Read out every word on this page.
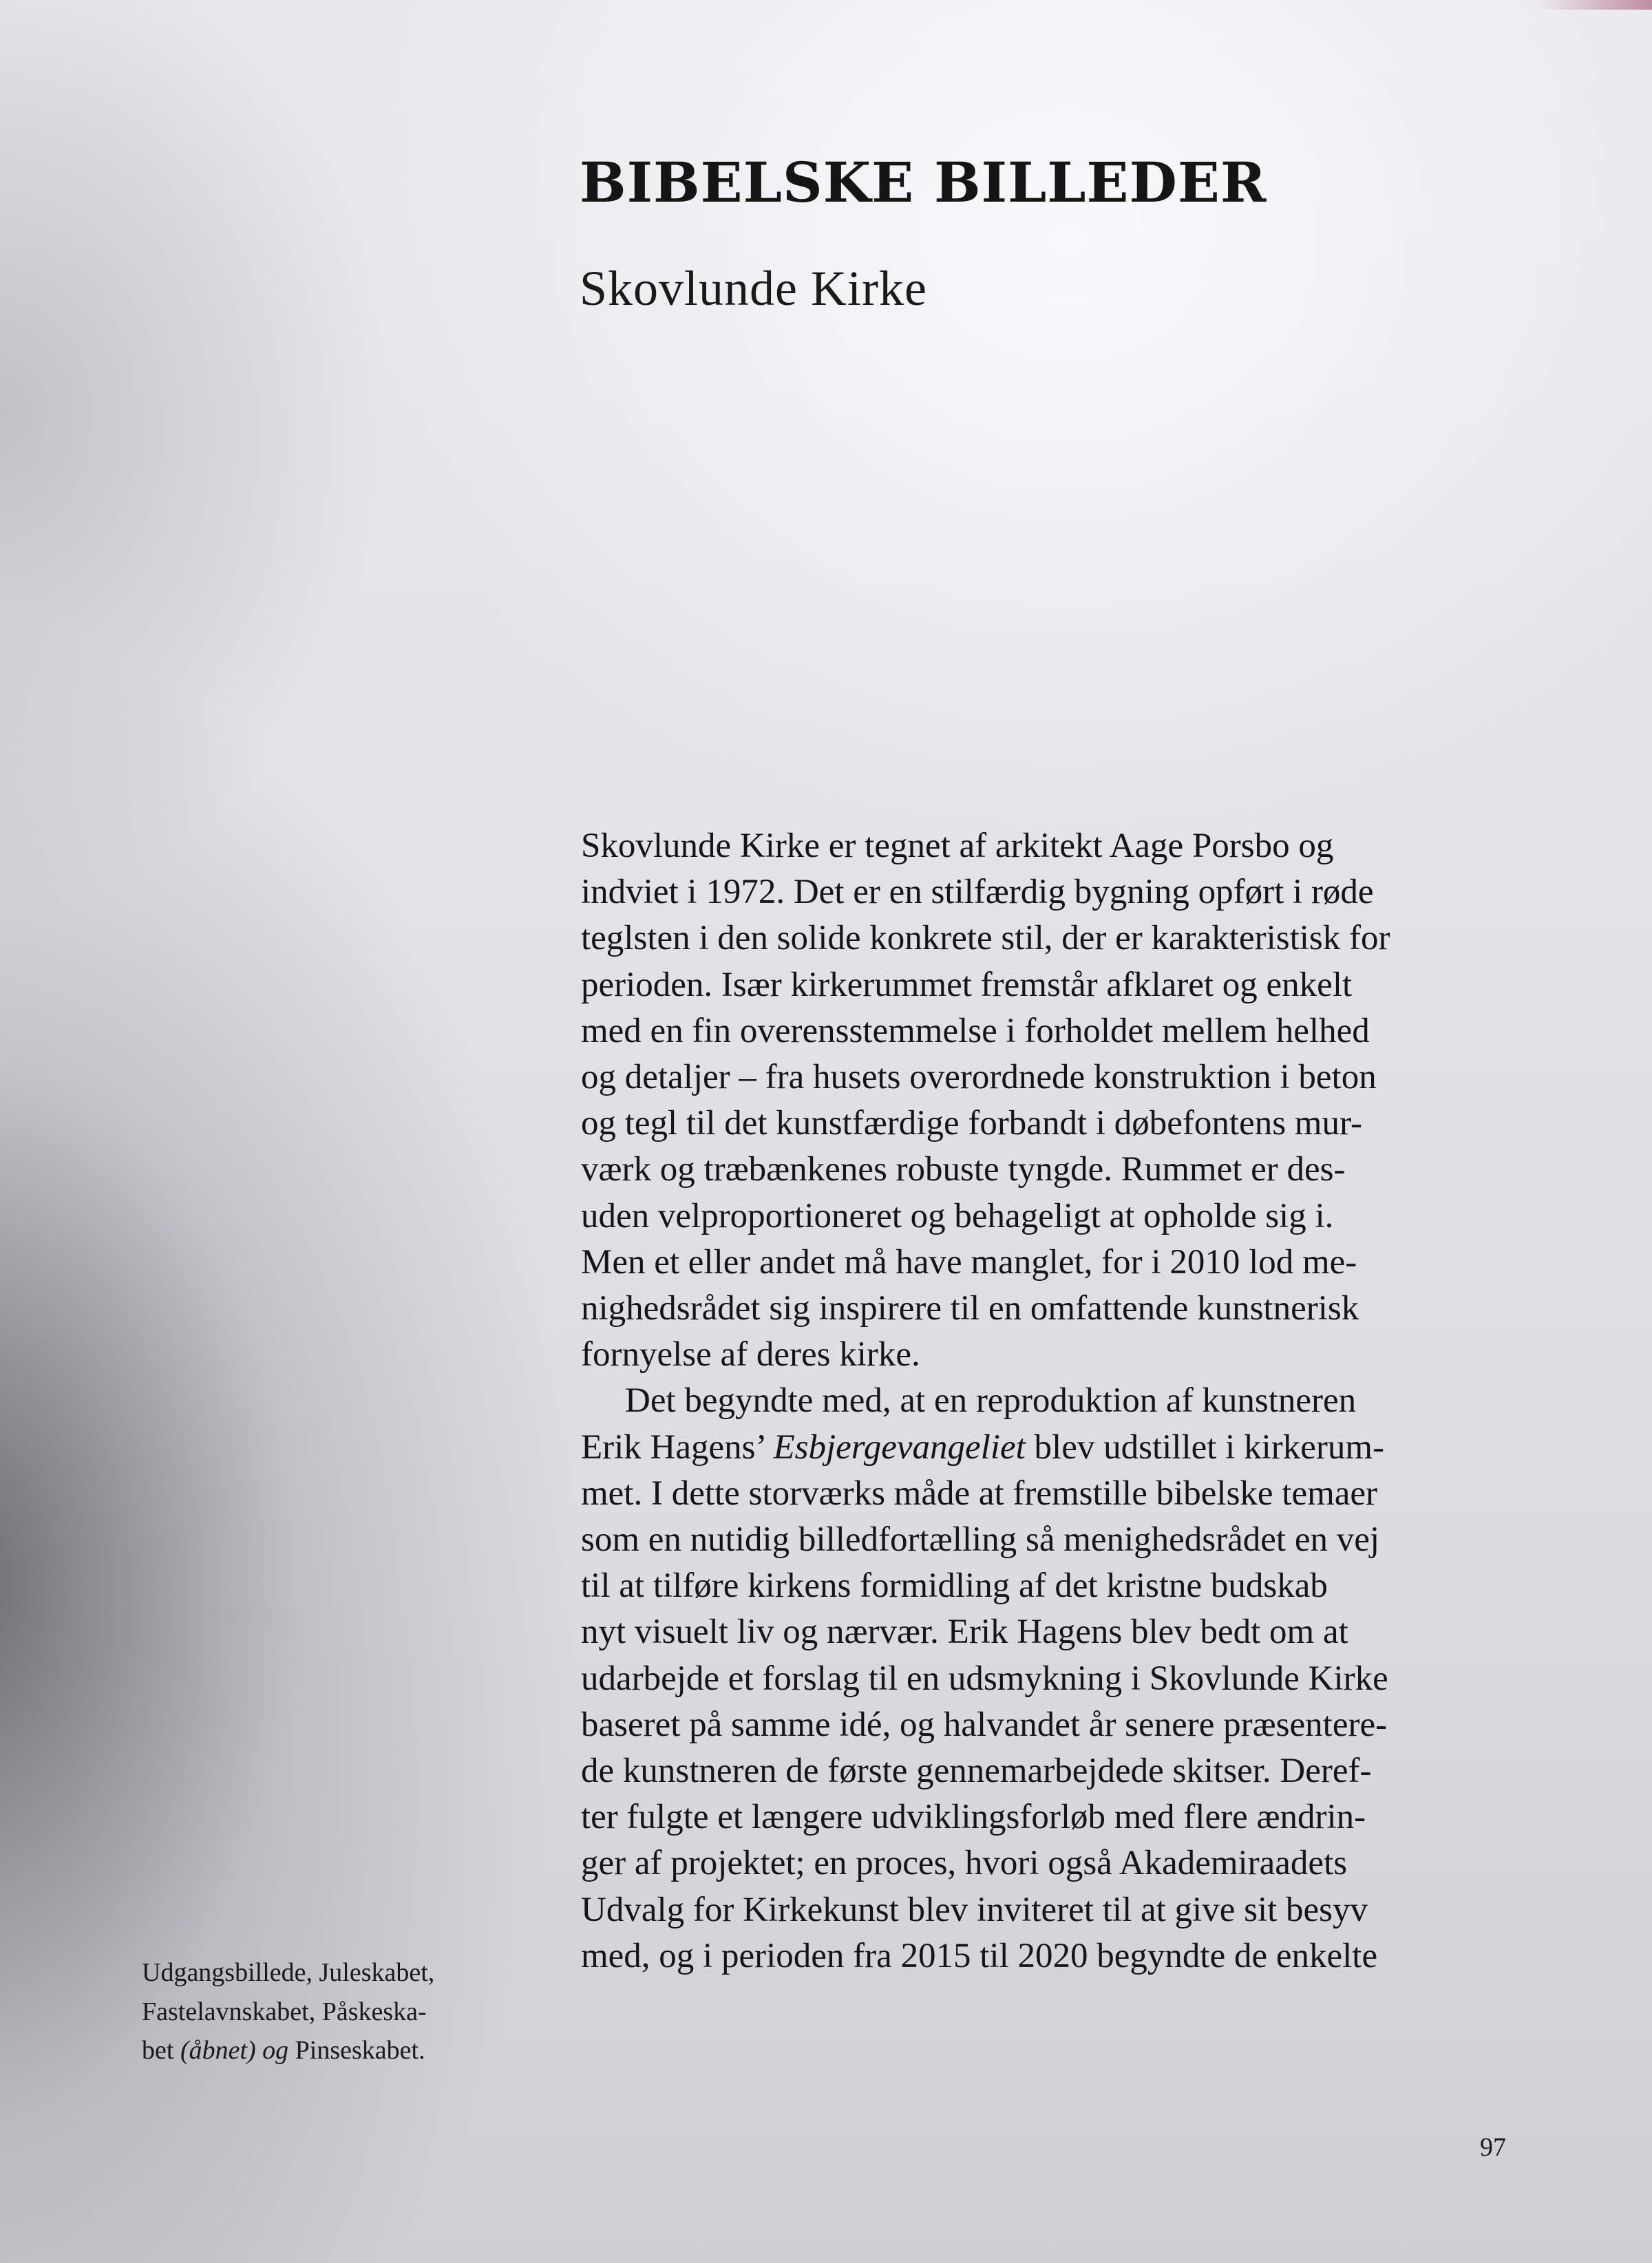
BIBELSKE BILLEDER
Skovlunde Kirke
Skovlunde Kirke er tegnet af arkitekt Aage Porsbo og
indviet i 1972. Det er en stilfærdig bygning opført i røde
teglsten i den solide konkrete stil, der er karakteristisk for
perioden. Især kirkerummet fremstår afklaret og enkelt
med en fin overensstemmelse i forholdet mellem helhed
og detaljer – fra husets overordnede konstruktion i beton
og tegl til det kunstfærdige forbandt i døbefontens mur-
værk og træbænkenes robuste tyngde. Rummet er des-
uden velproportioneret og behageligt at opholde sig i.
Men et eller andet må have manglet, for i 2010 lod me-
nighedsrådet sig inspirere til en omfattende kunstnerisk
fornyelse af deres kirke.
Det begyndte med, at en reproduktion af kunstneren
Erik Hagens’ Esbjergevangeliet blev udstillet i kirkerum-
met. I dette storværks måde at fremstille bibelske temaer
som en nutidig billedfortælling så menighedsrådet en vej
til at tilføre kirkens formidling af det kristne budskab
nyt visuelt liv og nærvær. Erik Hagens blev bedt om at
udarbejde et forslag til en udsmykning i Skovlunde Kirke
baseret på samme idé, og halvandet år senere præsentere-
de kunstneren de første gennemarbejdede skitser. Deref-
ter fulgte et længere udviklingsforløb med flere ændrin-
ger af projektet; en proces, hvori også Akademiraadets
Udvalg for Kirkekunst blev inviteret til at give sit besyv
med, og i perioden fra 2015 til 2020 begyndte de enkelte
Udgangsbillede, Juleskabet,
Fastelavnskabet, Påskeska-
bet (åbnet) og Pinseskabet.
97
